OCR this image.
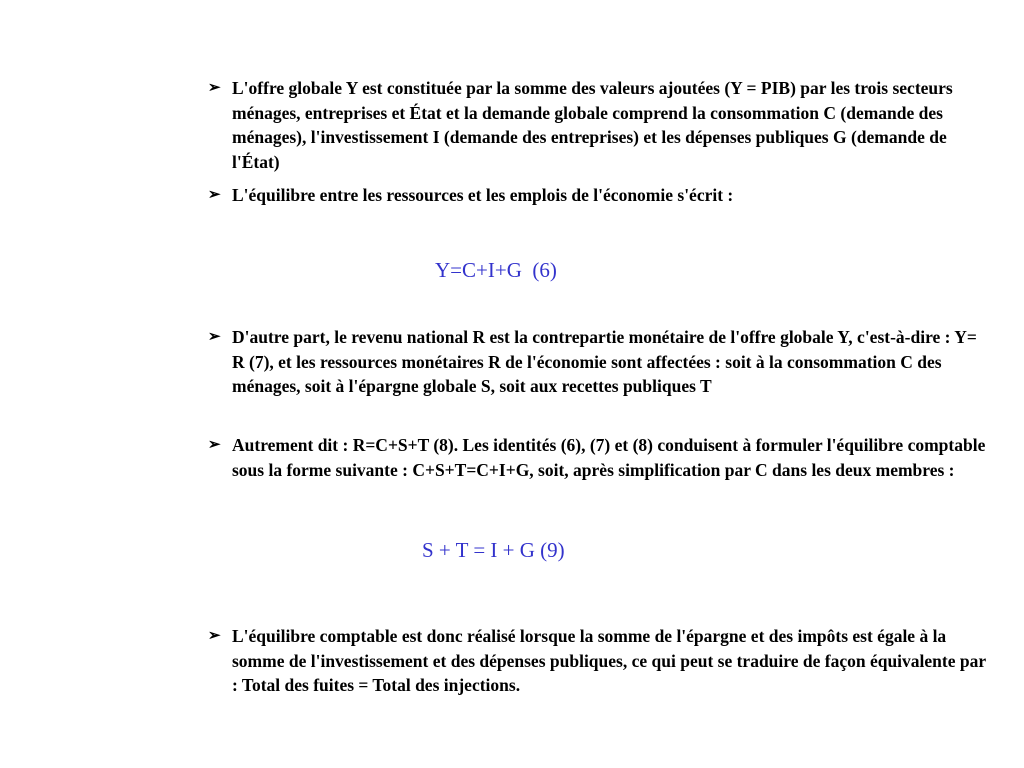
➢ L'offre globale Y est constituée par la somme des valeurs ajoutées (Y = PIB) par les trois secteurs ménages, entreprises et État et la demande globale comprend la consommation C (demande des ménages), l'investissement I (demande des entreprises) et les dépenses publiques G (demande de l'État)
➢ L'équilibre entre les ressources et les emplois de l'économie s'écrit :
Y=C+I+G  (6)
➢ D'autre part, le revenu national R est la contrepartie monétaire de l'offre globale Y, c'est-à-dire : Y= R (7), et les ressources monétaires R de l'économie sont affectées : soit à la consommation C des ménages, soit à l'épargne globale S, soit aux recettes publiques T
➢ Autrement dit : R=C+S+T (8). Les identités (6), (7) et (8) conduisent à formuler l'équilibre comptable sous la forme suivante : C+S+T=C+I+G, soit, après simplification par C dans les deux membres :
S + T = I + G (9)
➢ L'équilibre comptable est donc réalisé lorsque la somme de l'épargne et des impôts est égale à la somme de l'investissement et des dépenses publiques, ce qui peut se traduire de façon équivalente par : Total des fuites = Total des injections.
